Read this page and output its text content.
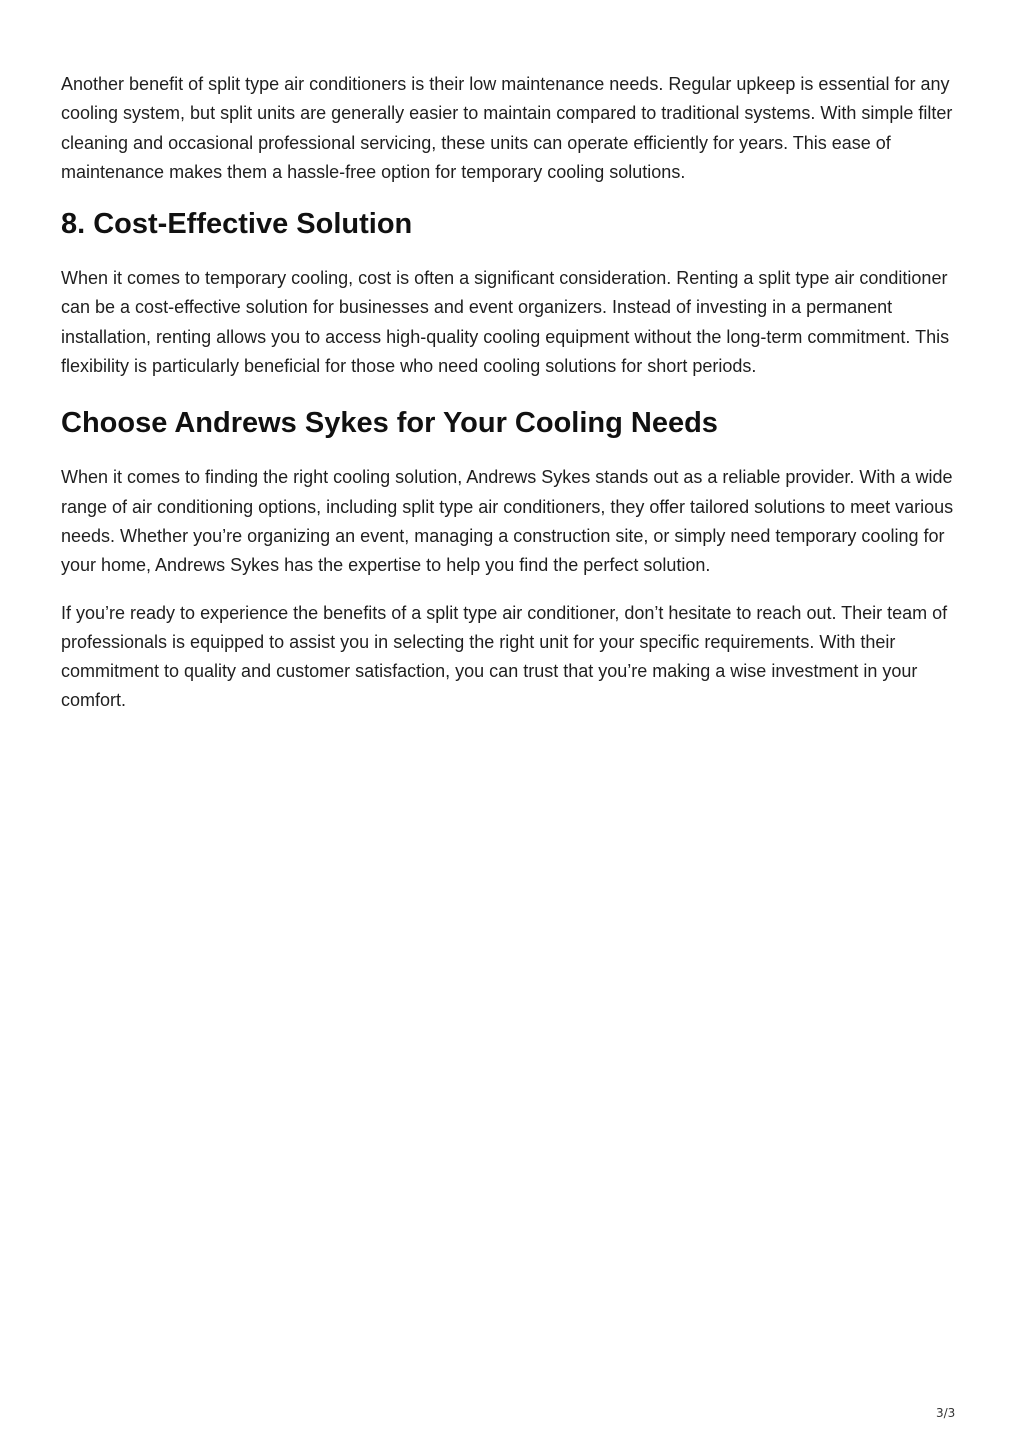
Another benefit of split type air conditioners is their low maintenance needs. Regular upkeep is essential for any cooling system, but split units are generally easier to maintain compared to traditional systems. With simple filter cleaning and occasional professional servicing, these units can operate efficiently for years. This ease of maintenance makes them a hassle-free option for temporary cooling solutions.

8. Cost-Effective Solution

When it comes to temporary cooling, cost is often a significant consideration. Renting a split type air conditioner can be a cost-effective solution for businesses and event organizers. Instead of investing in a permanent installation, renting allows you to access high-quality cooling equipment without the long-term commitment. This flexibility is particularly beneficial for those who need cooling solutions for short periods.

Choose Andrews Sykes for Your Cooling Needs

When it comes to finding the right cooling solution, Andrews Sykes stands out as a reliable provider. With a wide range of air conditioning options, including split type air conditioners, they offer tailored solutions to meet various needs. Whether you’re organizing an event, managing a construction site, or simply need temporary cooling for your home, Andrews Sykes has the expertise to help you find the perfect solution.

If you’re ready to experience the benefits of a split type air conditioner, don’t hesitate to reach out. Their team of professionals is equipped to assist you in selecting the right unit for your specific requirements. With their commitment to quality and customer satisfaction, you can trust that you’re making a wise investment in your comfort.

3/3
